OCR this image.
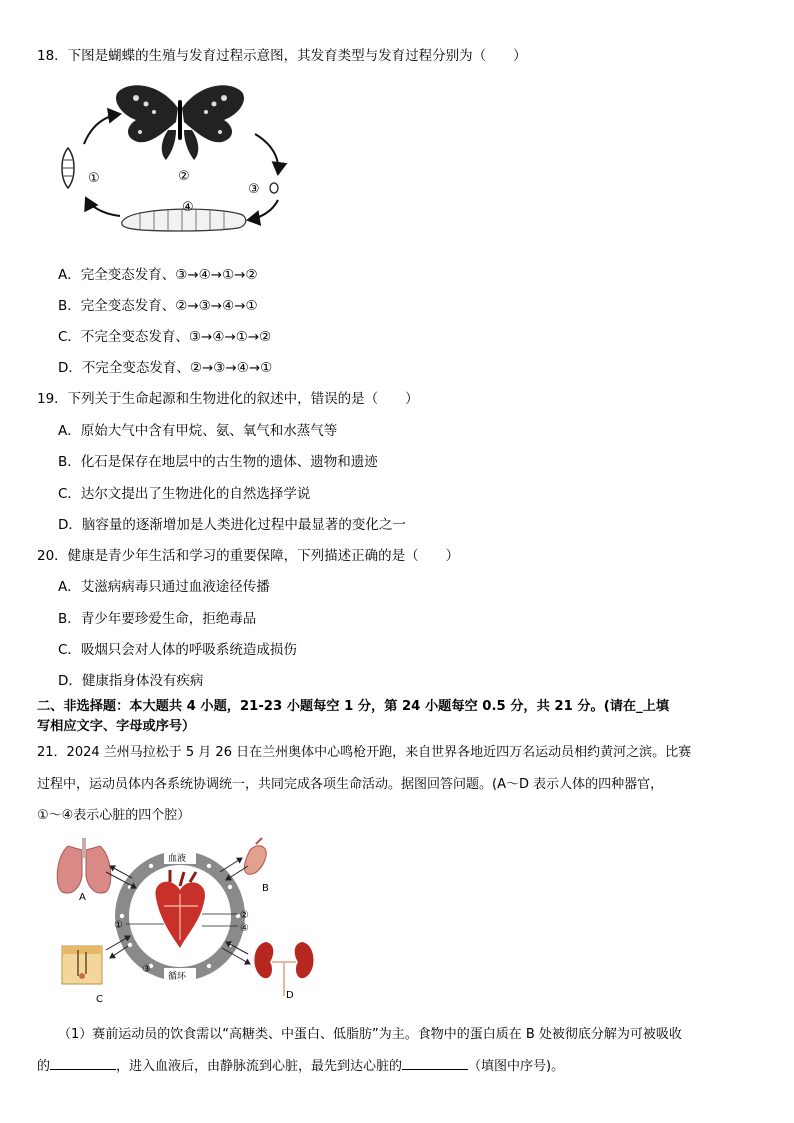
18．下图是蝴蝶的生殖与发育过程示意图，其发育类型与发育过程分别为（　　）
①	②
③
④
A．完全变态发育、③→④→①→②
B．完全变态发育、②→③→④→①
C．不完全变态发育、③→④→①→②
D．不完全变态发育、②→③→④→①
19．下列关于生命起源和生物进化的叙述中，错误的是（　　）
A．原始大气中含有甲烷、氨、氧气和水蒸气等
B．化石是保存在地层中的古生物的遗体、遗物和遗迹
C．达尔文提出了生物进化的自然选择学说
D．脑容量的逐渐增加是人类进化过程中最显著的变化之一
20．健康是青少年生活和学习的重要保障，下列描述正确的是（　　）
A．艾滋病病毒只通过血液途径传播
B．青少年要珍爱生命，拒绝毒品
C．吸烟只会对人体的呼吸系统造成损伤
D．健康指身体没有疾病
二、非选择题：本大题共 4 小题，21-23 小题每空 1 分，第 24 小题每空 0.5 分，共 21 分。(请在_上填
写相应文字、字母或序号）
21．2024 兰州马拉松于 5 月 26 日在兰州奥体中心鸣枪开跑，来自世界各地近四万名运动员相约黄河之滨。比赛
过程中，运动员体内各系统协调统一，共同完成各项生命活动。据图回答问题。(A～D 表示人体的四种器官，
①～④表示心脏的四个腔）
A
B
C	D
血液
循环
①
②
④
③
（1）赛前运动员的饮食需以“高糖类、中蛋白、低脂肪”为主。食物中的蛋白质在 B 处被彻底分解为可被吸收
的	，进入血液后，由静脉流到心脏，最先到达心脏的	（填图中序号)。
